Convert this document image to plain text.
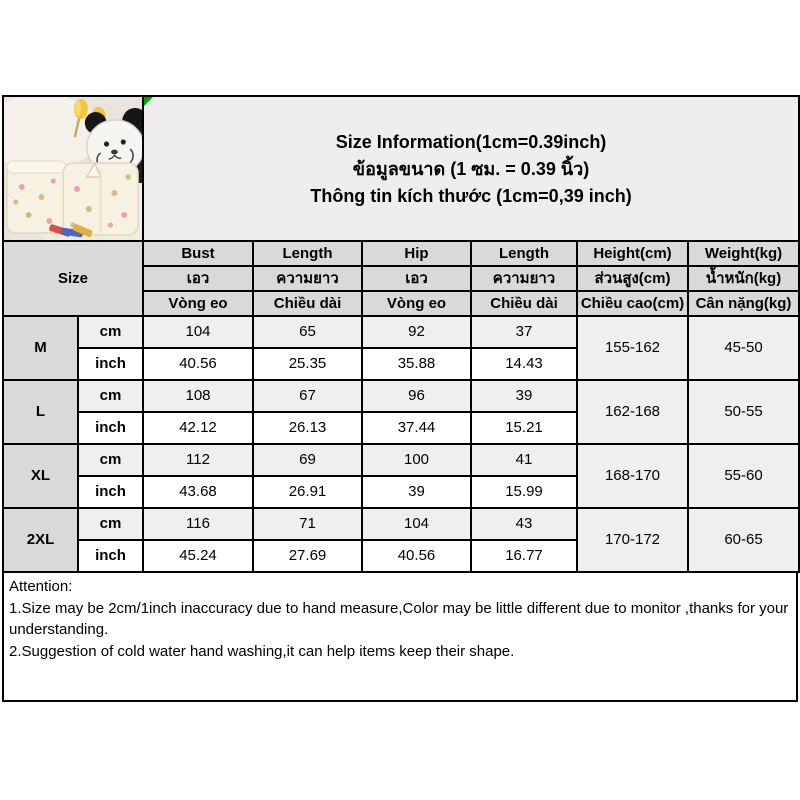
Size Information(1cm=0.39inch)
ข้อมูลขนาด (1 ซม. = 0.39 นิ้ว)
Thông tin kích thước (1cm=0,39 inch)					

Size		Bust	Length	Hip	Length	Height(cm)	Weight(kg)
		เอว	ความยาว	เอว	ความยาว	ส่วนสูง(cm)	น้ำหนัก(kg)
		Vòng eo	Chiều dài	Vòng eo	Chiều dài	Chiều cao(cm)	Cân nặng(kg)
M	cm	104	65	92	37	155-162	45-50
	inch	40.56	25.35	35.88	14.43		
L	cm	108	67	96	39	162-168	50-55
	inch	42.12	26.13	37.44	15.21		
XL	cm	112	69	100	41	168-170	55-60
	inch	43.68	26.91	39	15.99		
2XL	cm	116	71	104	43	170-172	60-65
	inch	45.24	27.69	40.56	16.77		
Attention:
1.Size may be 2cm/1inch inaccuracy due to hand measure,Color may be little different due to monitor ,thanks for your understanding.
2.Suggestion of cold water hand washing,it can help items keep their shape.
